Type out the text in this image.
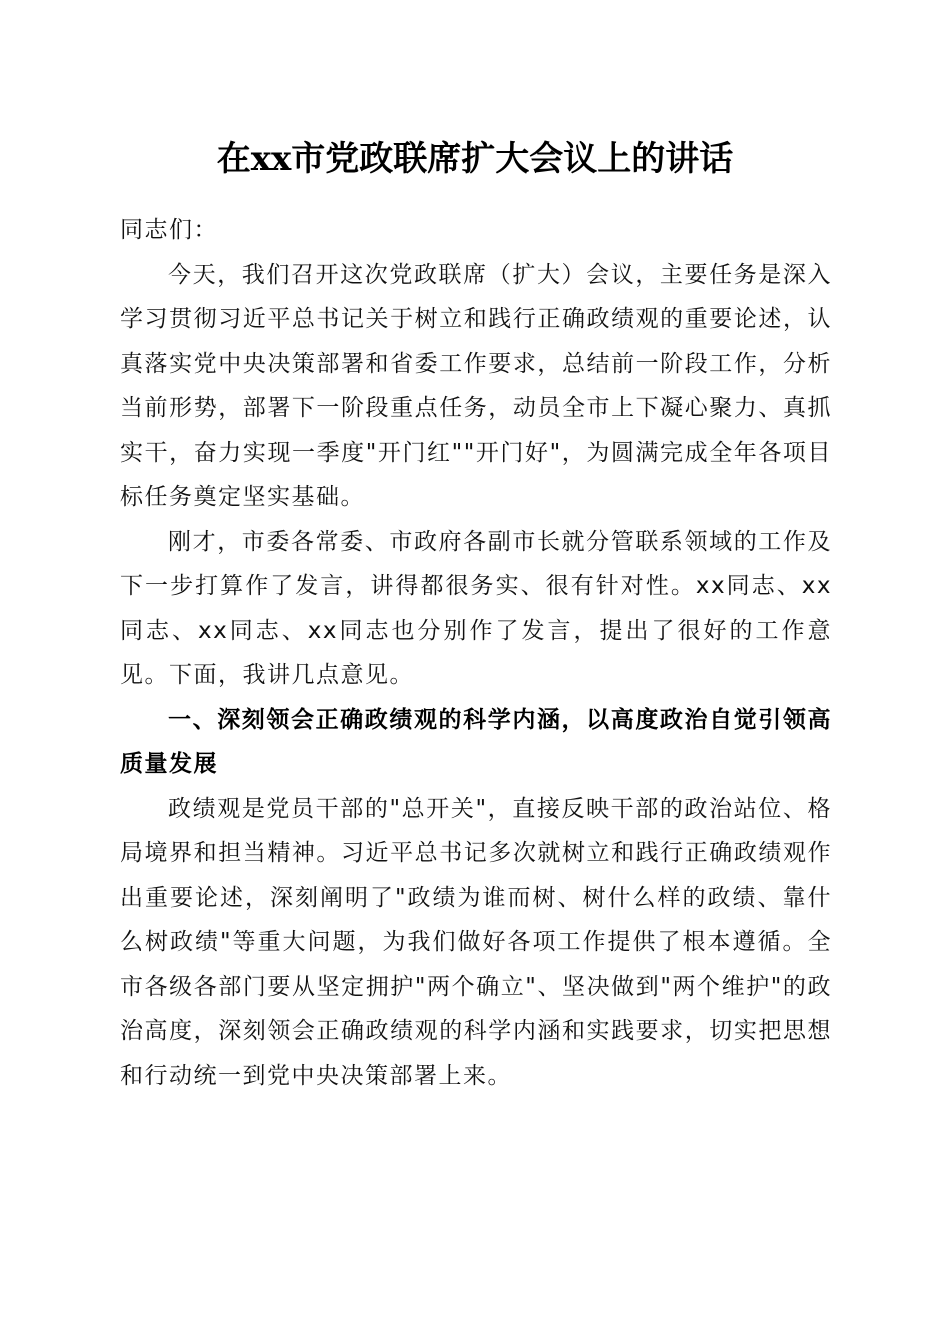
在xx市党政联席扩大会议上的讲话

同志们：

今天，我们召开这次党政联席（扩大）会议，主要任务是深入学习贯彻习近平总书记关于树立和践行正确政绩观的重要论述，认真落实党中央决策部署和省委工作要求，总结前一阶段工作，分析当前形势，部署下一阶段重点任务，动员全市上下凝心聚力、真抓实干，奋力实现一季度"开门红""开门好"，为圆满完成全年各项目标任务奠定坚实基础。

刚才，市委各常委、市政府各副市长就分管联系领域的工作及下一步打算作了发言，讲得都很务实、很有针对性。xx同志、xx同志、xx同志、xx同志也分别作了发言，提出了很好的工作意见。下面，我讲几点意见。

一、深刻领会正确政绩观的科学内涵，以高度政治自觉引领高质量发展

政绩观是党员干部的"总开关"，直接反映干部的政治站位、格局境界和担当精神。习近平总书记多次就树立和践行正确政绩观作出重要论述，深刻阐明了"政绩为谁而树、树什么样的政绩、靠什么树政绩"等重大问题，为我们做好各项工作提供了根本遵循。全市各级各部门要从坚定拥护"两个确立"、坚决做到"两个维护"的政治高度，深刻领会正确政绩观的科学内涵和实践要求，切实把思想和行动统一到党中央决策部署上来。
